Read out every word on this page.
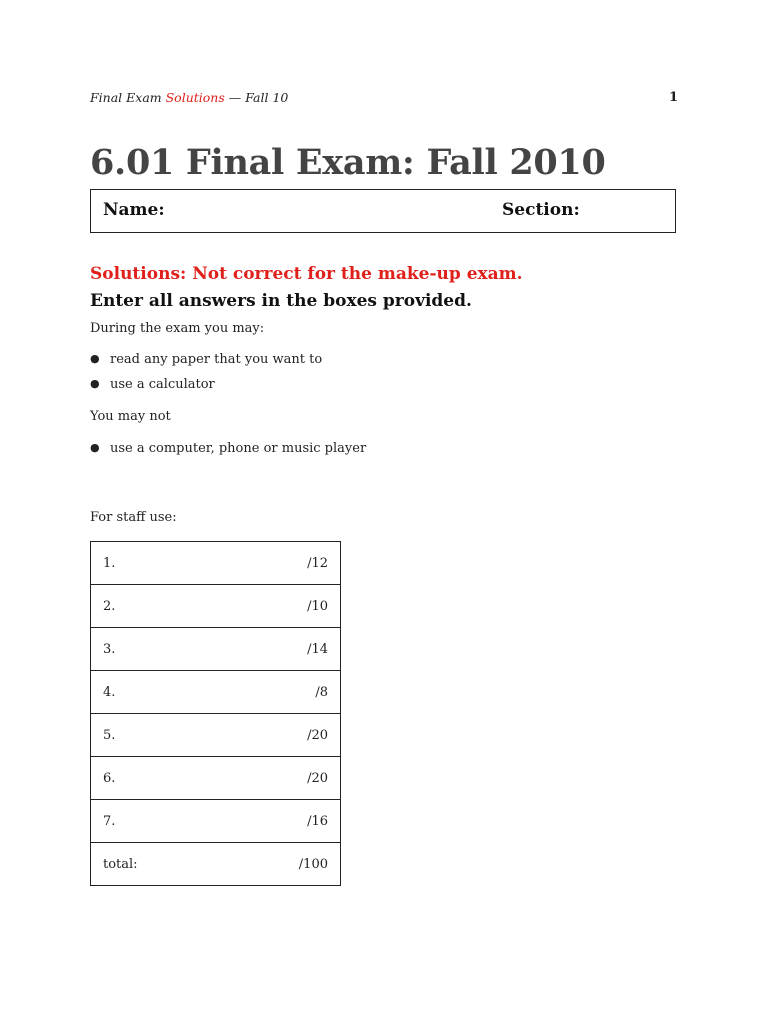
Final Exam Solutions — Fall 10	1
6.01 Final Exam: Fall 2010
Name:	Section:
Solutions: Not correct for the make-up exam.
Enter all answers in the boxes provided.
During the exam you may:
● read any paper that you want to
● use a calculator
You may not
● use a computer, phone or music player
For staff use:
1.	/12
2.	/10
3.	/14
4.	/8
5.	/20
6.	/20
7.	/16
total:	/100
